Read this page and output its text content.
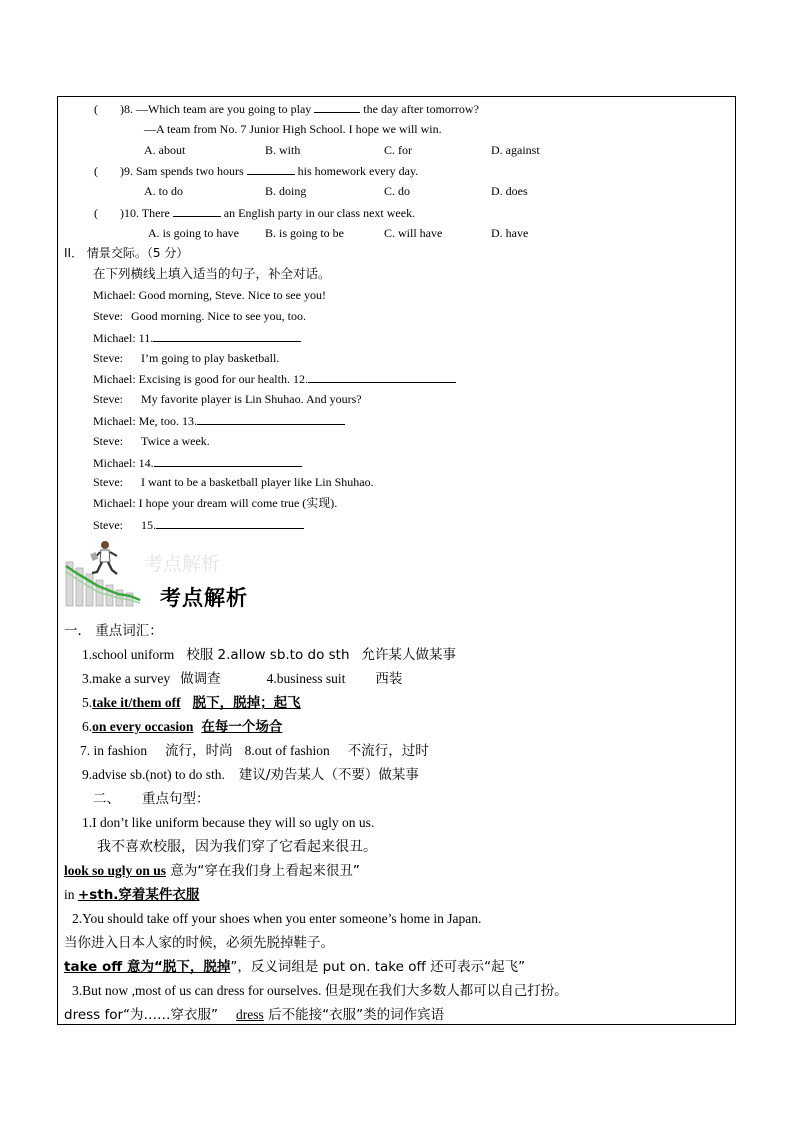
( )8. —Which team are you going to play	the day after tomorrow?
—A team from No. 7 Junior High School. I hope we will win.
A. about	B. with	C. for	D. against
( )9. Sam spends two hours	his homework every day.
A. to do	B. doing	C. do	D. does
( )10. There	an English party in our class next week.
A. is going to have B. is going to be	C. will have	D. have
II． 情景交际。（5 分）
在下列横线上填入适当的句子，补全对话。
Michael: Good morning, Steve. Nice to see you!
Steve: Good morning. Nice to see you, too.
Michael: 11.
Steve: I’m going to play basketball.
Michael: Excising is good for our health. 12.
Steve: My favorite player is Lin Shuhao. And yours?
Michael: Me, too. 13.
Steve: Twice a week.
Michael: 14.
Steve: I want to be a basketball player like Lin Shuhao.
Michael: I hope your dream will come true (实现).
Steve: 15.
考点解析
考点解析
一． 重点词汇：
1.school uniform 校服 2.allow sb.to do sth 允许某人做某事
3.make a survey 做调查	4.business suit 西装
5.take it/them off 脱下，脱掉；起飞
6.on every occasion 在每一个场合
7. in fashion 流行，时尚 8.out of fashion 不流行，过时
9.advise sb.(not) to do sth. 建议/劝告某人（不要）做某事
二、 重点句型：
1.I don’t like uniform because they will so ugly on us.
我不喜欢校服，因为我们穿了它看起来很丑。
look so ugly on us 意为“穿在我们身上看起来很丑”
in +sth.穿着某件衣服
2.You should take off your shoes when you enter someone’s home in Japan.
当你进入日本人家的时候，必须先脱掉鞋子。
take off 意为“脱下，脱掉”，反义词组是 put on. take off 还可表示“起飞”
3.But now ,most of us can dress for ourselves. 但是现在我们大多数人都可以自己打扮。
dress for“为……穿衣服” dress 后不能接“衣服”类的词作宾语
